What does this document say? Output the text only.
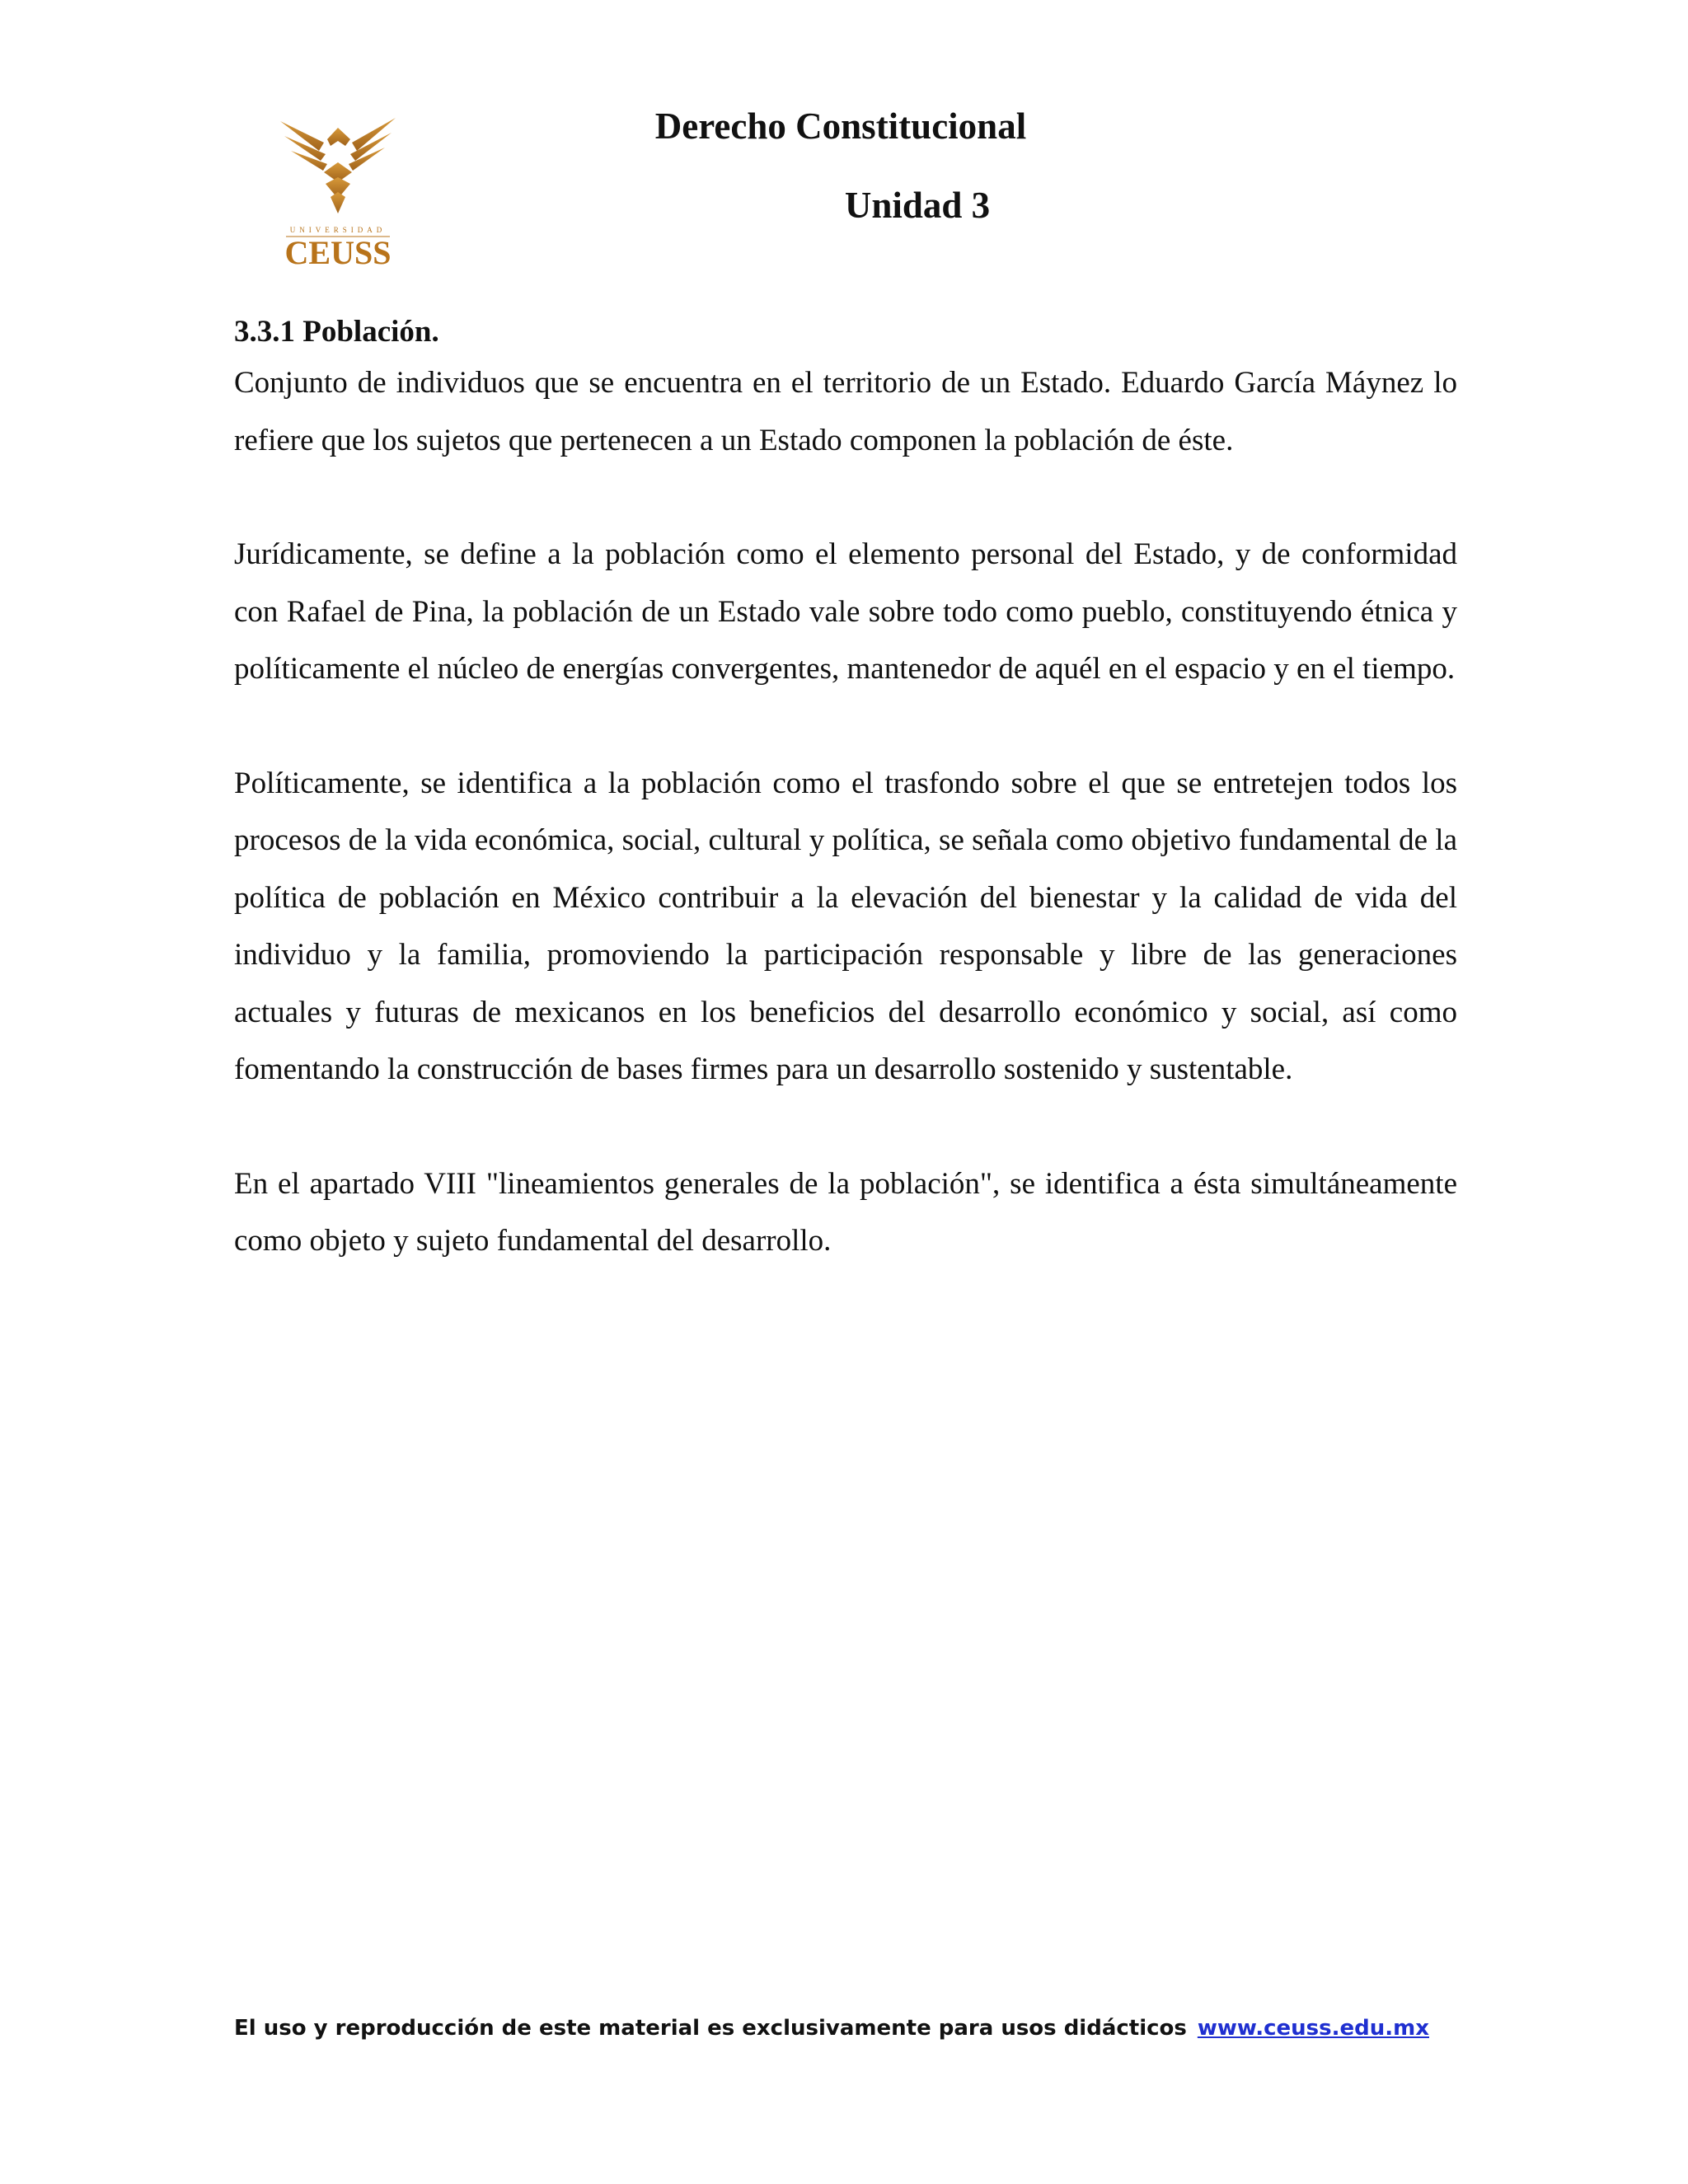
UNIVERSIDAD
CEUSS
Derecho Constitucional
Unidad 3

3.3.1 Población.

Conjunto de individuos que se encuentra en el territorio de un Estado. Eduardo García Máynez lo refiere que los sujetos que pertenecen a un Estado componen la población de éste.

Jurídicamente, se define a la población como el elemento personal del Estado, y de conformidad con Rafael de Pina, la población de un Estado vale sobre todo como pueblo, constituyendo étnica y políticamente el núcleo de energías convergentes, mantenedor de aquél en el espacio y en el tiempo.

Políticamente, se identifica a la población como el trasfondo sobre el que se entretejen todos los procesos de la vida económica, social, cultural y política, se señala como objetivo fundamental de la política de población en México contribuir a la elevación del bienestar y la calidad de vida del individuo y la familia, promoviendo la participación responsable y libre de las generaciones actuales y futuras de mexicanos en los beneficios del desarrollo económico y social, así como fomentando la construcción de bases firmes para un desarrollo sostenido y sustentable.

En el apartado VIII "lineamientos generales de la población", se identifica a ésta simultáneamente como objeto y sujeto fundamental del desarrollo.

El uso y reproducción de este material es exclusivamente para usos didácticos www.ceuss.edu.mx
